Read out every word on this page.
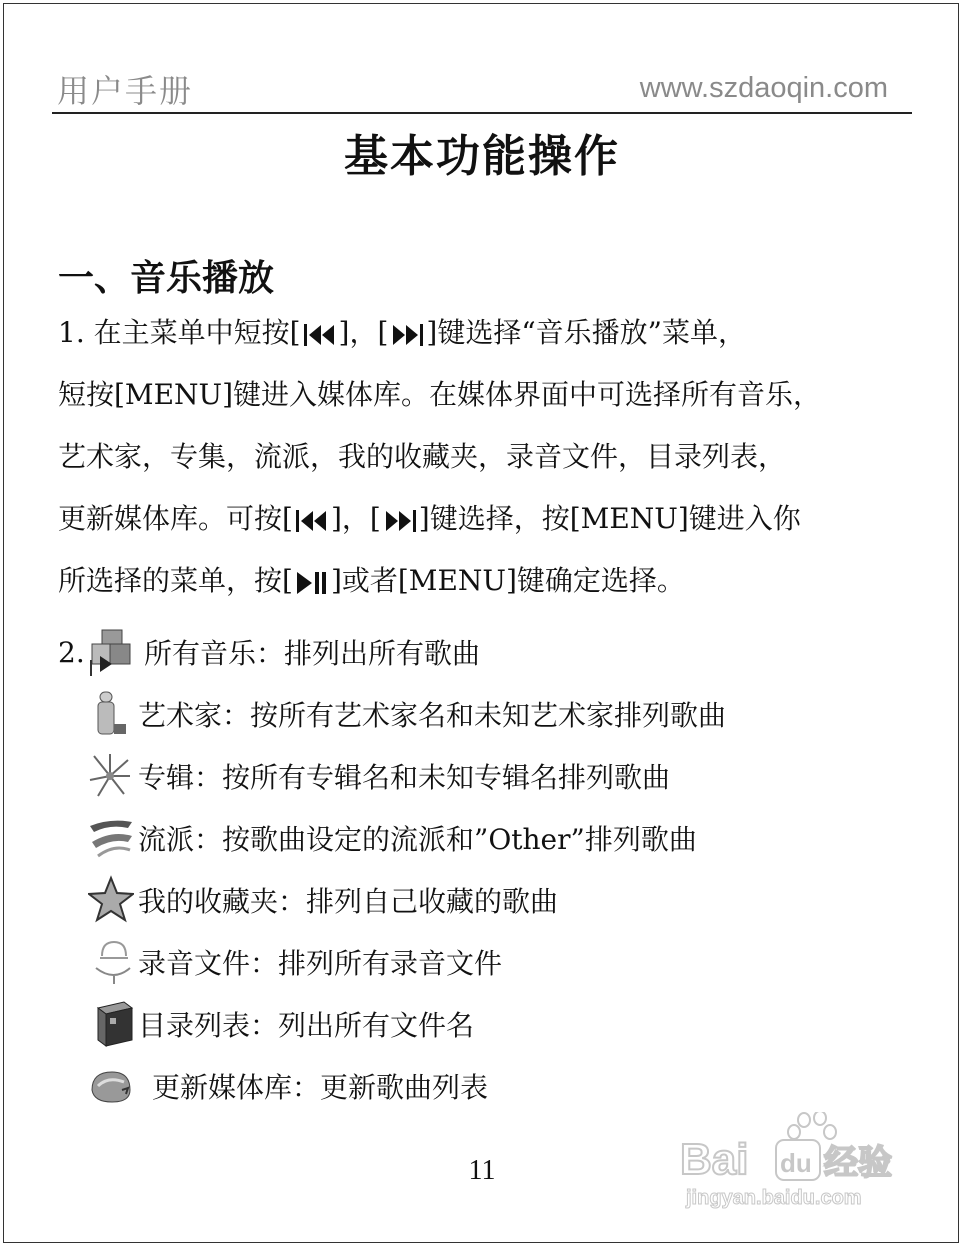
用户手册	www.szdaoqin.com
基本功能操作
一、音乐播放
1. 在主菜单中短按[ ]，[ ]键选择“音乐播放”菜单，
短按[MENU]键进入媒体库。在媒体界面中可选择所有音乐，
艺术家，专集，流派，我的收藏夹，录音文件，目录列表，
更新媒体库。可按[ ]，[ ]键选择，按[MENU]键进入你
所选择的菜单，按[ ]或者[MENU]键确定选择。
2. 所有音乐：排列出所有歌曲
艺术家：按所有艺术家名和未知艺术家排列歌曲
专辑：按所有专辑名和未知专辑名排列歌曲
流派：按歌曲设定的流派和”Other”排列歌曲
我的收藏夹：排列自己收藏的歌曲
录音文件：排列所有录音文件
目录列表：列出所有文件名
更新媒体库：更新歌曲列表
11	Bai du 经验
jingyan.baidu.com
